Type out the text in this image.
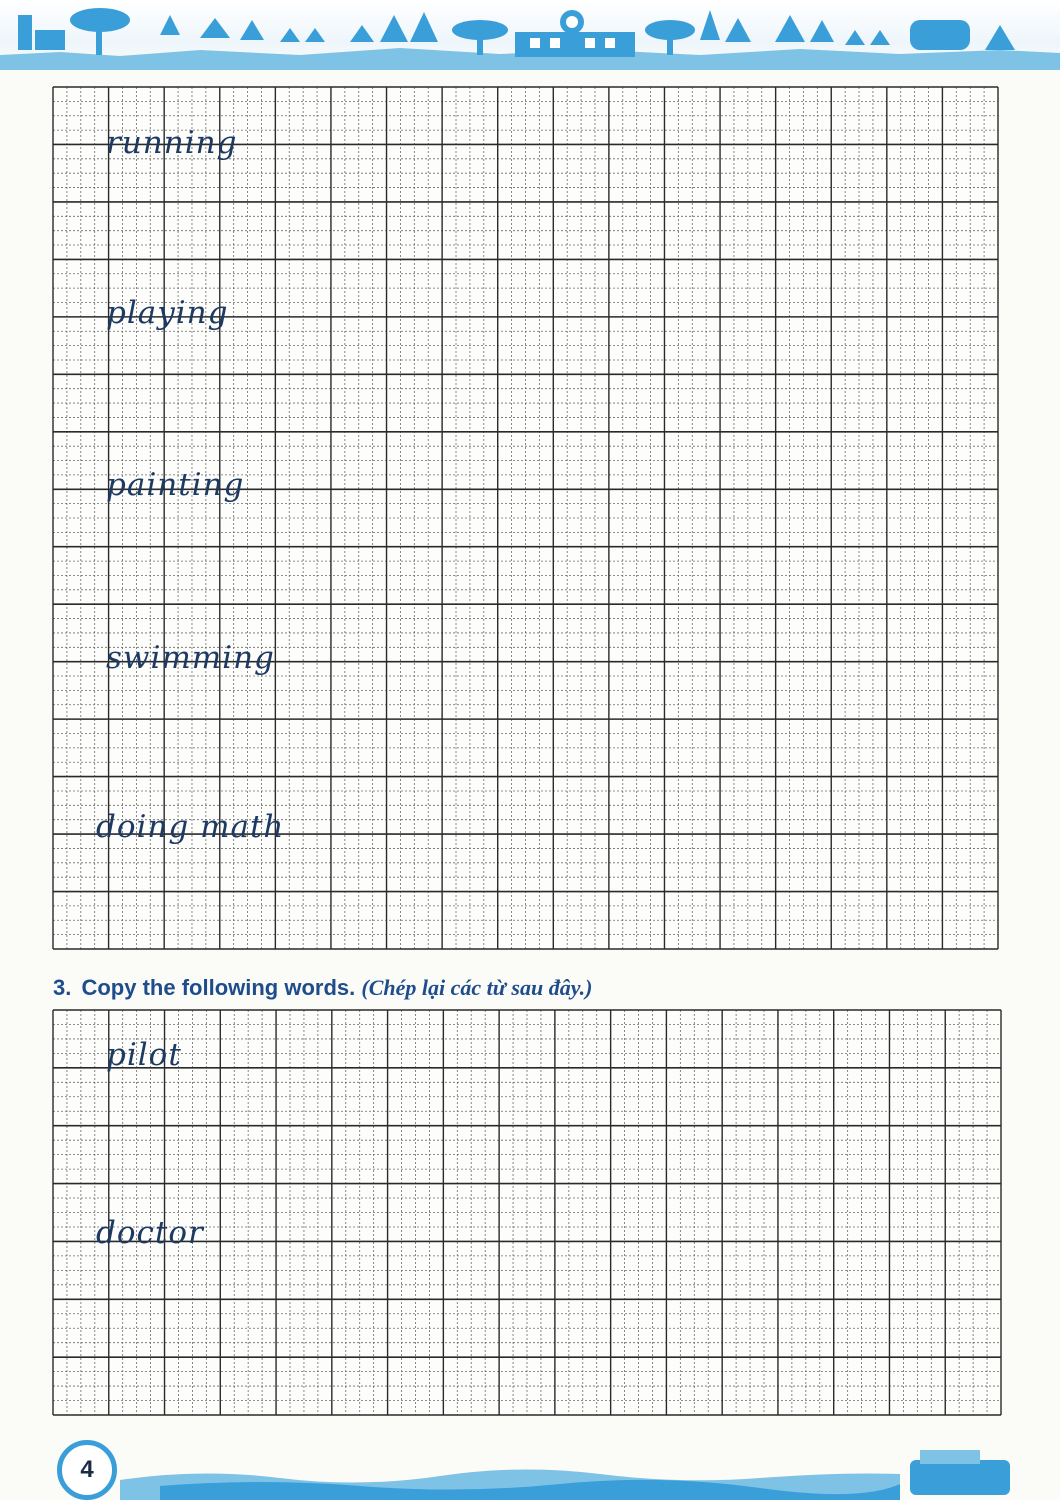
running
playing
painting
swimming
doing math
3. Copy the following words. (Chép lại các từ sau đây.)
pilot
doctor
4
